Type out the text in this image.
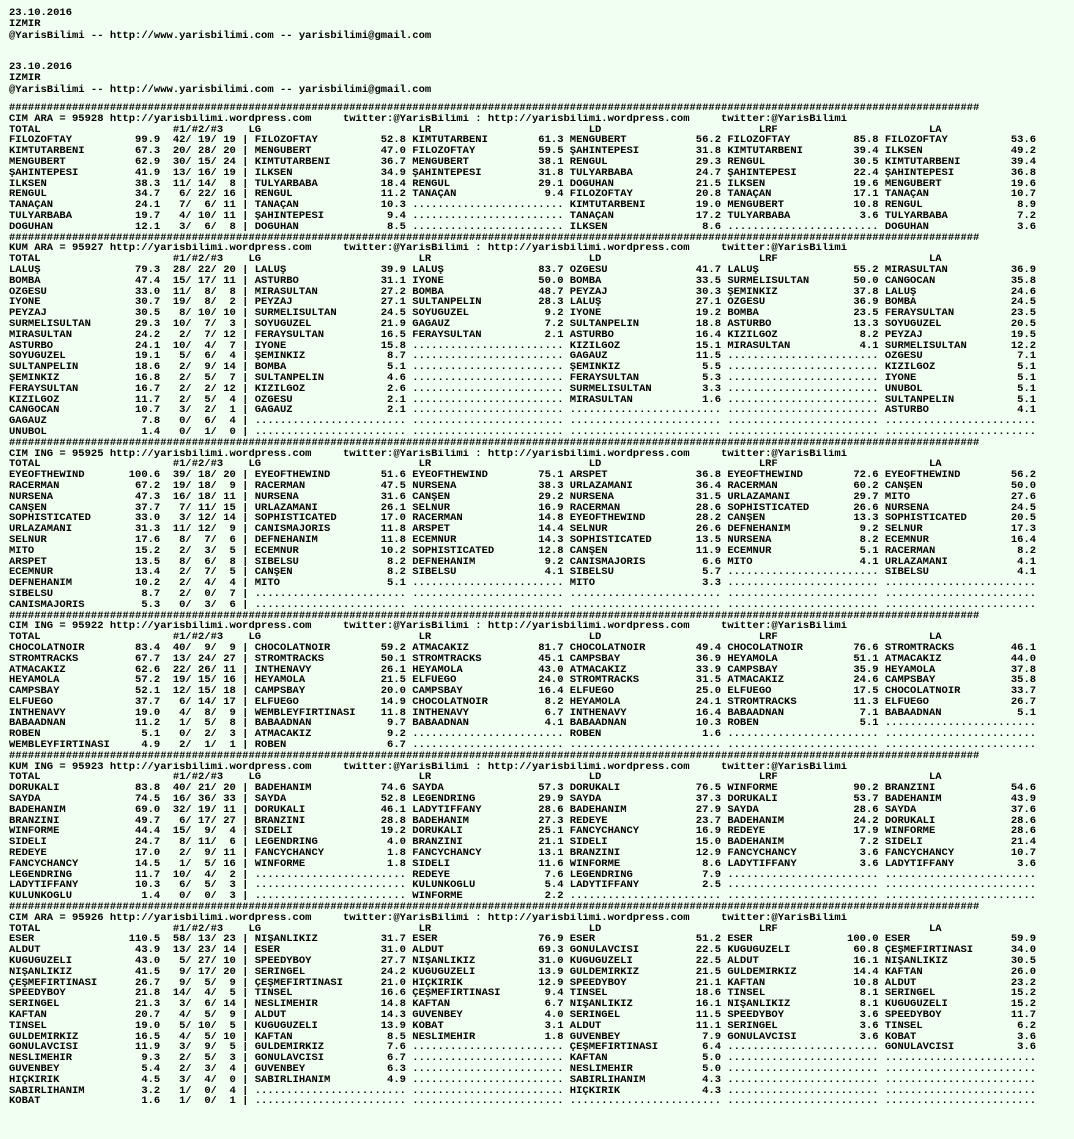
23.10.2016
IZMIR
@YarisBilimi -- http://www.yarisbilimi.com -- yarisbilimi@gmail.com
23.10.2016
IZMIR
@YarisBilimi -- http://www.yarisbilimi.com -- yarisbilimi@gmail.com
##########################################################################################################################################################
CIM ARA = 95928 http://yarisbilimi.wordpress.com     twitter:@YarisBilimi : http://yarisbilimi.wordpress.com     twitter:@YarisBilimi
TOTAL                     #1/#2/#3    LG                         LR                         LD                         LRF                        LA
FILOZOFTAY          99.9  42/ 19/ 19 | FILOZOFTAY          52.8 KIMTUTARBENİ        61.3 MENGÜBERT           56.2 FILOZOFTAY          85.8 FILOZOFTAY          53.6
KIMTUTARBENİ        67.3  20/ 28/ 20 | MENGÜBERT           47.0 FILOZOFTAY          59.5 ŞAHİNTEPESİ         31.8 KIMTUTARBENİ        39.4 İLKSEN              49.2
MENGÜBERT           62.9  30/ 15/ 24 | KIMTUTARBENİ        36.7 MENGÜBERT           38.1 RENGÜL              29.3 RENGÜL              30.5 KIMTUTARBENİ        39.4
ŞAHİNTEPESİ         41.9  13/ 16/ 19 | İLKSEN              34.9 ŞAHİNTEPESİ         31.8 TULYARBABA          24.7 ŞAHİNTEPESİ         22.4 ŞAHİNTEPESİ         36.8
İLKSEN              38.3  11/ 14/  8 | TULYARBABA          18.4 RENGÜL              29.1 DOĞUHAN             21.5 İLKSEN              19.6 MENGÜBERT           19.6
RENGÜL              34.7   6/ 22/ 16 | RENGÜL              11.2 TANAÇAN              9.4 FILOZOFTAY          20.8 TANAÇAN             17.1 TANAÇAN             10.7
TANAÇAN             24.1   7/  6/ 11 | TANAÇAN             10.3 ........................ KIMTUTARBENİ        19.0 MENGÜBERT           10.8 RENGÜL               8.9
TULYARBABA          19.7   4/ 10/ 11 | ŞAHİNTEPESİ          9.4 ........................ TANAÇAN             17.2 TULYARBABA           3.6 TULYARBABA           7.2
DOĞUHAN             12.1   3/  6/  8 | DOĞUHAN              8.5 ........................ İLKSEN               8.6 ........................ DOĞUHAN              3.6
##########################################################################################################################################################
KUM ARA = 95927 http://yarisbilimi.wordpress.com     twitter:@YarisBilimi : http://yarisbilimi.wordpress.com     twitter:@YarisBilimi
TOTAL                     #1/#2/#3    LG                         LR                         LD                         LRF                        LA
LALUŞ               79.3  28/ 22/ 20 | LALUŞ               39.9 LALUŞ               83.7 ÖZGESU              41.7 LALUŞ               55.2 MİRASULTAN          36.9
BOMBA               47.4  15/ 17/ 11 | ASTURBO             31.1 İYONE               50.0 BOMBA               33.5 SÜRMELİSULTAN       50.0 CANGOCAN            35.8
ÖZGESU              33.0  11/  8/  8 | MİRASULTAN          27.2 BOMBA               48.7 PEYZAJ              30.3 ŞEMİNKIZ            37.8 LALUŞ               24.6
İYONE               30.7  19/  8/  2 | PEYZAJ              27.1 SULTANPELİN         28.3 LALUŞ               27.1 ÖZGESU              36.9 BOMBA               24.5
PEYZAJ              30.5   8/ 10/ 10 | SÜRMELİSULTAN       24.5 SOYUGÜZEL            9.2 İYONE               19.2 BOMBA               23.5 FERAYSULTAN         23.5
SÜRMELİSULTAN       29.3  10/  7/  3 | SOYUGÜZEL           21.9 GAGAUZ               7.2 SULTANPELİN         18.8 ASTURBO             13.3 SOYUGÜZEL           20.5
MİRASULTAN          24.2   2/  7/ 12 | FERAYSULTAN         16.5 FERAYSULTAN          2.1 ASTURBO             16.4 KIZILGÖZ             8.2 PEYZAJ              19.5
ASTURBO             24.1  10/  4/  7 | İYONE               15.8 ........................ KIZILGÖZ            15.1 MİRASULTAN           4.1 SÜRMELİSULTAN       12.2
SOYUGÜZEL           19.1   5/  6/  4 | ŞEMİNKIZ             8.7 ........................ GAGAUZ              11.5 ........................ ÖZGESU               7.1
SULTANPELİN         18.6   2/  9/ 14 | BOMBA                5.1 ........................ ŞEMİNKIZ             5.5 ........................ KIZILGÖZ             5.1
ŞEMİNKIZ            16.8   2/  5/  7 | SULTANPELİN          4.6 ........................ FERAYSULTAN          5.3 ........................ İYONE                5.1
FERAYSULTAN         16.7   2/  2/ 12 | KIZILGÖZ             2.6 ........................ SÜRMELİSULTAN        3.3 ........................ ÜNÜBOL               5.1
KIZILGÖZ            11.7   2/  5/  4 | ÖZGESU               2.1 ........................ MİRASULTAN           1.6 ........................ SULTANPELİN          5.1
CANGOCAN            10.7   3/  2/  1 | GAGAUZ               2.1 ........................ ........................ ........................ ASTURBO              4.1
GAGAUZ               7.8   0/  6/  4 | ........................ ........................ ........................ ........................ ........................
ÜNÜBOL               1.4   0/  1/  0 | ........................ ........................ ........................ ........................ ........................
##########################################################################################################################################################
CIM ING = 95925 http://yarisbilimi.wordpress.com     twitter:@YarisBilimi : http://yarisbilimi.wordpress.com     twitter:@YarisBilimi
TOTAL                     #1/#2/#3    LG                         LR                         LD                         LRF                        LA
EYEOFTHEWIND       100.6  39/ 18/ 20 | EYEOFTHEWIND        51.6 EYEOFTHEWIND        75.1 ARSPET              36.8 EYEOFTHEWIND        72.6 EYEOFTHEWIND        56.2
RACERMAN            67.2  19/ 18/  9 | RACERMAN            47.5 NURSENA             38.3 URLAZAMANI          36.4 RACERMAN            60.2 CANŞEN              50.0
NURSENA             47.3  16/ 18/ 11 | NURSENA             31.6 CANŞEN              29.2 NURSENA             31.5 URLAZAMANI          29.7 MİTO                27.6
CANŞEN              37.7   7/ 11/ 15 | URLAZAMANI          26.1 SELNUR              16.9 RACERMAN            28.6 SOPHISTICATED       26.6 NURSENA             24.5
SOPHISTICATED       33.0   3/ 12/ 14 | SOPHISTICATED       17.0 RACERMAN            14.8 EYEOFTHEWIND        28.2 CANŞEN              13.3 SOPHISTICATED       20.5
URLAZAMANI          31.3  11/ 12/  9 | CANISMAJORIS        11.8 ARSPET              14.4 SELNUR              26.6 DEFNEHANIM           9.2 SELNUR              17.3
SELNUR              17.6   8/  7/  6 | DEFNEHANIM          11.8 ECEMNUR             14.3 SOPHISTICATED       13.5 NURSENA              8.2 ECEMNUR             16.4
MİTO                15.2   2/  3/  5 | ECEMNUR             10.2 SOPHISTICATED       12.8 CANŞEN              11.9 ECEMNUR              5.1 RACERMAN             8.2
ARSPET              13.5   8/  6/  8 | SİBELSU              8.2 DEFNEHANIM           9.2 CANISMAJORIS         6.6 MİTO                 4.1 URLAZAMANI           4.1
ECEMNUR             13.4   2/  7/  5 | CANŞEN               8.2 SİBELSU              4.1 SİBELSU              5.7 ........................ SİBELSU              4.1
DEFNEHANIM          10.2   2/  4/  4 | MİTO                 5.1 ........................ MİTO                 3.3 ........................ ........................
SİBELSU              8.7   2/  0/  7 | ........................ ........................ ........................ ........................ ........................
CANISMAJORIS         5.3   0/  3/  6 | ........................ ........................ ........................ ........................ ........................
##########################################################################################################################################################
CIM ING = 95922 http://yarisbilimi.wordpress.com     twitter:@YarisBilimi : http://yarisbilimi.wordpress.com     twitter:@YarisBilimi
TOTAL                     #1/#2/#3    LG                         LR                         LD                         LRF                        LA
CHOCOLATNOIR        83.4  40/  9/  9 | CHOCOLATNOIR        59.2 ATMACAKIZ           81.7 CHOCOLATNOIR        49.4 CHOCOLATNOIR        76.6 STROMTRACKS         46.1
STROMTRACKS         67.7  13/ 24/ 27 | STROMTRACKS         50.1 STROMTRACKS         45.1 CAMPSBAY            36.9 HEYAMOLA            51.1 ATMACAKIZ           44.0
ATMACAKIZ           62.6  22/ 26/ 11 | INTHENAVY           26.1 HEYAMOLA            43.0 ATMACAKIZ           33.9 CAMPSBAY            35.9 HEYAMOLA            37.8
HEYAMOLA            57.2  19/ 15/ 16 | HEYAMOLA            21.5 ELFUEGO             24.0 STROMTRACKS         31.5 ATMACAKIZ           24.6 CAMPSBAY            35.8
CAMPSBAY            52.1  12/ 15/ 18 | CAMPSBAY            20.0 CAMPSBAY            16.4 ELFUEGO             25.0 ELFUEGO             17.5 CHOCOLATNOIR        33.7
ELFUEGO             37.7   6/ 14/ 17 | ELFUEGO             14.9 CHOCOLATNOIR         8.2 HEYAMOLA            24.1 STROMTRACKS         11.3 ELFUEGO             26.7
INTHENAVY           19.0   4/  8/  9 | WEMBLEYFIRTINASI    11.8 INTHENAVY            6.7 INTHENAVY           16.4 BABAADNAN            7.1 BABAADNAN            5.1
BABAADNAN           11.2   1/  5/  8 | BABAADNAN            9.7 BABAADNAN            4.1 BABAADNAN           10.3 ROBEN                5.1 ........................
ROBEN                5.1   0/  2/  3 | ATMACAKIZ            9.2 ........................ ROBEN                1.6 ........................ ........................
WEMBLEYFIRTINASI     4.9   2/  1/  1 | ROBEN                6.7 ........................ ........................ ........................ ........................
##########################################################################################################################################################
KUM ING = 95923 http://yarisbilimi.wordpress.com     twitter:@YarisBilimi : http://yarisbilimi.wordpress.com     twitter:@YarisBilimi
TOTAL                     #1/#2/#3    LG                         LR                         LD                         LRF                        LA
DORUKALİ            83.8  40/ 21/ 20 | BADEHANIM           74.6 SAYDA               57.3 DORUKALİ            76.5 WINFORME            90.2 BRANZINI            54.6
SAYDA               74.5  16/ 36/ 33 | SAYDA               52.8 LEGENDRING          29.9 SAYDA               37.3 DORUKALİ            53.7 BADEHANIM           43.9
BADEHANIM           69.0  32/ 19/ 11 | DORUKALİ            46.1 LADYTIFFANY         28.6 BADEHANIM           27.9 SAYDA               28.6 SAYDA               37.6
BRANZINI            49.7   6/ 17/ 27 | BRANZINI            28.8 BADEHANIM           27.3 REDEYE              23.7 BADEHANIM           24.2 DORUKALİ            28.6
WINFORME            44.4  15/  9/  4 | SİDELİ              19.2 DORUKALİ            25.1 FANCYCHANCY         16.9 REDEYE              17.9 WINFORME            28.6
SİDELİ              24.7   8/ 11/  6 | LEGENDRING           4.0 BRANZINI            21.1 SİDELİ              15.0 BADEHANIM            7.2 SİDELİ              21.4
REDEYE              17.0   2/  9/ 11 | FANCYCHANCY          1.8 FANCYCHANCY         13.1 BRANZINI            12.9 FANCYCHANCY          3.6 FANCYCHANCY         10.7
FANCYCHANCY         14.5   1/  5/ 16 | WINFORME             1.8 SİDELİ              11.6 WINFORME             8.6 LADYTIFFANY          3.6 LADYTIFFANY          3.6
LEGENDRING          11.7  10/  4/  2 | ........................ REDEYE               7.6 LEGENDRING           7.9 ........................ ........................
LADYTIFFANY         10.3   6/  5/  3 | ........................ KULUNKOĞLU           5.4 LADYTIFFANY          2.5 ........................ ........................
KULUNKOĞLU           1.4   0/  0/  3 | ........................ WINFORME             2.2 ........................ ........................ ........................
##########################################################################################################################################################
CIM ARA = 95926 http://yarisbilimi.wordpress.com     twitter:@YarisBilimi : http://yarisbilimi.wordpress.com     twitter:@YarisBilimi
TOTAL                     #1/#2/#3    LG                         LR                         LD                         LRF                        LA
ESER               110.5  58/ 13/ 23 | NİŞANLIKIZ          31.7 ESER                76.9 ESER                51.2 ESER               100.0 ESER                59.9
ALDUT               43.9  13/ 23/ 14 | ESER                31.0 ALDUT               69.3 GONULAVCISI         22.5 KUGUGÜZELİ          60.8 ÇEŞMEFIRTINASI      34.0
KUGUGÜZELİ          43.0   5/ 27/ 10 | SPEEDYBOY           27.7 NİŞANLIKIZ          31.0 KUGUGÜZELİ          22.5 ALDUT               16.1 NİŞANLIKIZ          30.5
NİŞANLIKIZ          41.5   9/ 17/ 20 | SERİNGEL            24.2 KUGUGÜZELİ          13.9 GÜLDEMİRKIZ         21.5 GÜLDEMİRKIZ         14.4 KAFTAN              26.0
ÇEŞMEFIRTINASI      26.7   9/  5/  9 | ÇEŞMEFIRTINASI      21.0 HIÇKIRIK            12.9 SPEEDYBOY           21.1 KAFTAN              10.8 ALDUT               23.2
SPEEDYBOY           21.8  14/  4/  5 | TİNSEL              16.6 ÇEŞMEFIRTINASI       9.4 TİNSEL              18.6 TİNSEL               8.1 SERİNGEL            15.2
SERİNGEL            21.3   3/  6/ 14 | NESLİMEHİR          14.8 KAFTAN               6.7 NİŞANLIKIZ          16.1 NİŞANLIKIZ           8.1 KUGUGÜZELİ          15.2
KAFTAN              20.7   4/  5/  9 | ALDUT               14.3 GUVENBEY             4.0 SERİNGEL            11.5 SPEEDYBOY            3.6 SPEEDYBOY           11.7
TİNSEL              19.0   5/ 10/  5 | KUGUGÜZELİ          13.9 KOBAT                3.1 ALDUT               11.1 SERİNGEL             3.6 TİNSEL               6.2
GÜLDEMİRKIZ         16.5   4/  5/ 10 | KAFTAN               8.5 NESLİMEHİR           1.8 GUVENBEY             7.9 GONULAVCISI          3.6 KOBAT                3.6
GONULAVCISI         11.9   3/  9/  5 | GÜLDEMİRKIZ          7.6 ........................ ÇEŞMEFIRTINASI       6.4 ........................ GONULAVCISI          3.6
NESLİMEHİR           9.3   2/  5/  3 | GONULAVCISI          6.7 ........................ KAFTAN               5.0 ........................ ........................
GUVENBEY             5.4   2/  3/  4 | GUVENBEY             6.3 ........................ NESLİMEHİR           5.0 ........................ ........................
HIÇKIRIK             4.5   3/  4/  0 | SABIRLIHANIM         4.9 ........................ SABIRLIHANIM         4.3 ........................ ........................
SABIRLIHANIM         3.2   1/  0/  4 | ........................ ........................ HIÇKIRIK             4.3 ........................ ........................
KOBAT                1.6   1/  0/  1 | ........................ ........................ ........................ ........................ ........................
